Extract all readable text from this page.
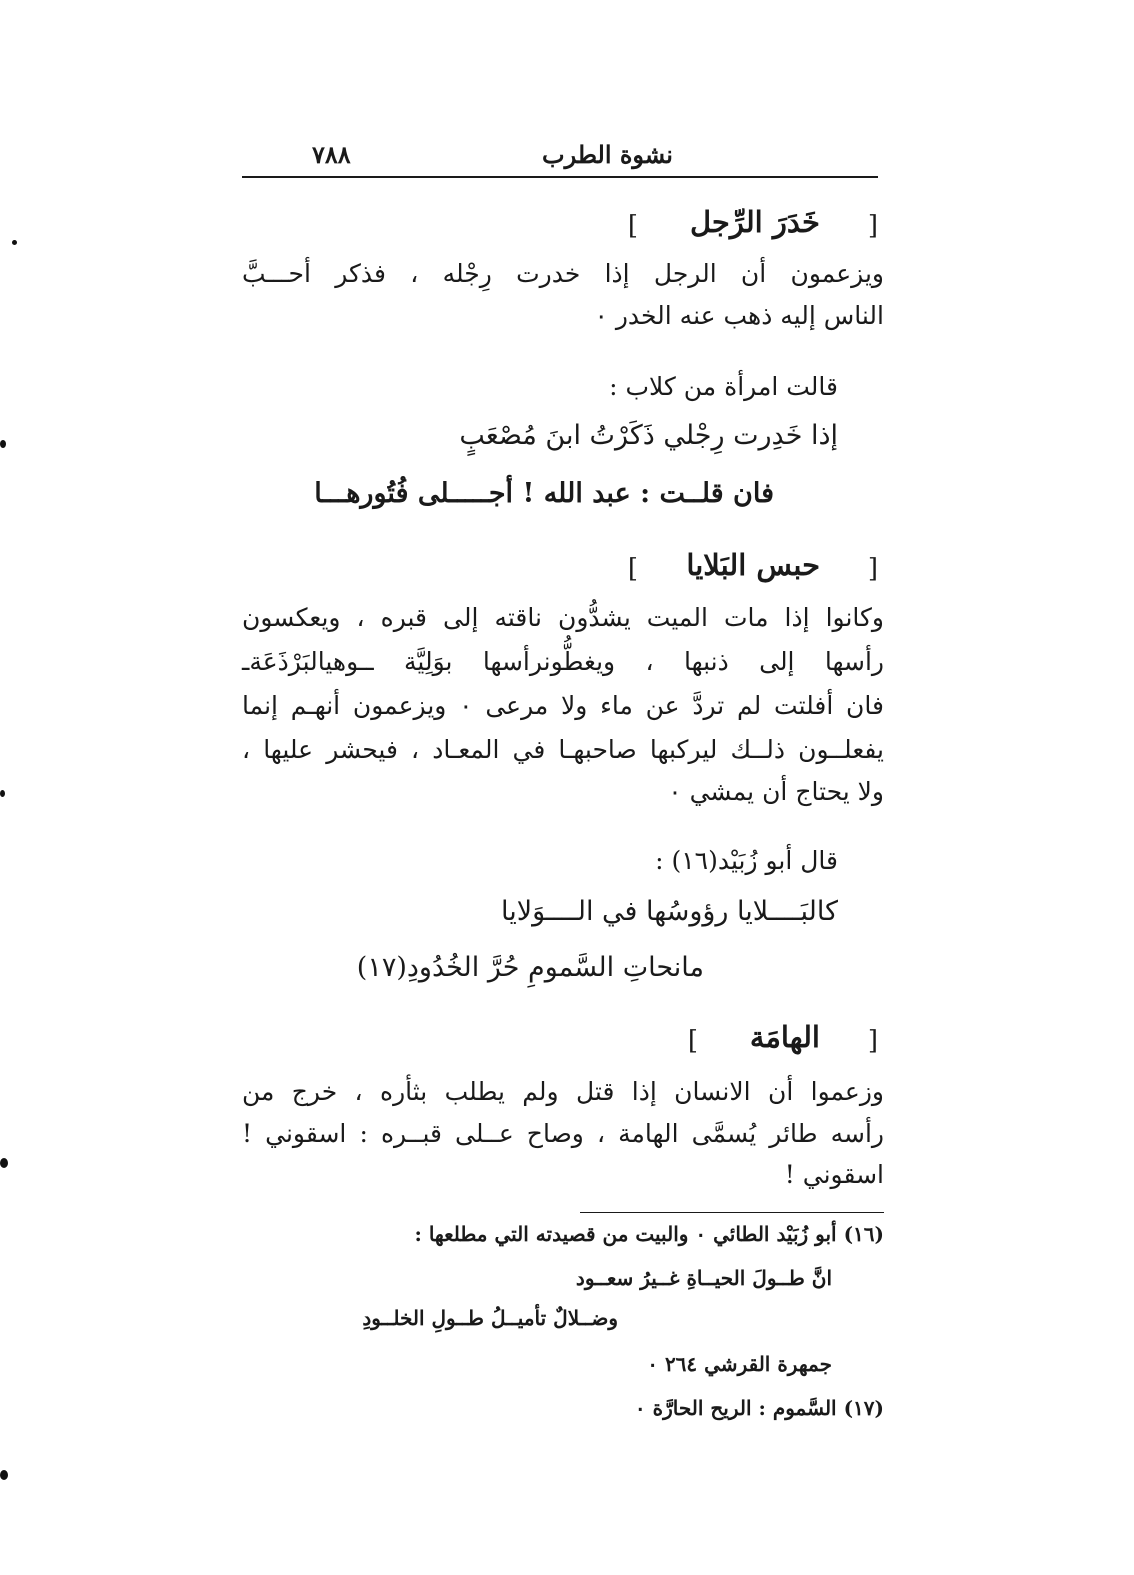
٧٨٨	نشوة الطرب
[
خَدَرَ الرِّجل
]
ويزعمون أن الرجل إذا خدرت رِجْله ، فذكر أحـــبَّ
الناس إليه ذهب عنه الخدر ٠
قالت امرأة من كلاب :
إذا خَدِرت رِجْلي ذَكَرْتُ ابنَ مُصْعَبٍ
فان قلــت : عبد الله ! أجـــــلى فُتُورهـــا
[
حبس البَلايا
]
وكانوا إذا مات الميت يشدُّون ناقته إلى قبره ، ويعكسون
رأسها إلى ذنبها ، ويغطُّونرأسها بوَلِيَّة ــوهيالبَرْذَعَةـ
فان أفلتت لم تردَّ عن ماء ولا مرعى ٠ ويزعمون أنهـم إنما
يفعلــون ذلــك ليركبها صاحبهـا في المعـاد ، فيحشر عليها ،
ولا يحتاج أن يمشي ٠
قال أبو زُبَيْد(١٦) :
كالبَــــلايا رؤوسُها في الــــوَلايا
مانحاتِ السَّمومِ حُرَّ الخُدُودِ(١٧)
[
الهامَة
]
وزعموا أن الانسان إذا قتل ولم يطلب بثأره ، خرج من
رأسه طائر يُسمَّى الهامة ، وصاح عــلى قبــره : اسقوني !
اسقوني !
(١٦) أبو زُبَيْد الطائي ٠ والبيت من قصيدته التي مطلعها :
انَّ طــولَ الحيــاةِ غــيرُ سعــود
وضــلالٌ تأميــلُ طــولِ الخلــودِ
جمهرة القرشي ٢٦٤ ٠
(١٧) السَّموم : الريح الحارَّة ٠
